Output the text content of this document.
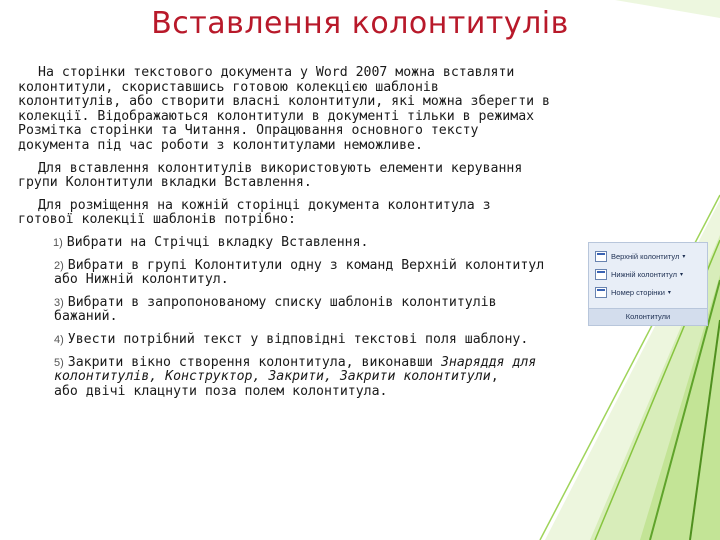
Вставлення колонтитулів

На сторінки текстового документа у Word 2007 можна вставляти
колонтитули, скориставшись готовою колекцією шаблонів
колонтитулів, або створити власні колонтитули, які можна зберегти в
колекції. Відображаються колонтитули в документі тільки в режимах
Розмітка сторінки та Читання. Опрацювання основного тексту
документа під час роботи з колонтитулами неможливе.

Для вставлення колонтитулів використовують елементи керування
групи Колонтитули вкладки Вставлення.

Для розміщення на кожній сторінці документа колонтитула з
готової колекції шаблонів потрібно:

1) Вибрати на Стрічці вкладку Вставлення.
2) Вибрати в групі Колонтитули одну з команд Верхній колонтитул
або Нижній колонтитул.
3) Вибрати в запропонованому списку шаблонів колонтитулів
бажаний.
4) Увести потрібний текст у відповідні текстові поля шаблону.
5) Закрити вікно створення колонтитула, виконавши Знаряддя для
колонтитулів, Конструктор, Закрити, Закрити колонтитули,
або двічі клацнути поза полем колонтитула.
Верхній колонтитул ▾
Нижній колонтитул ▾
Номер сторінки ▾
Колонтитули
